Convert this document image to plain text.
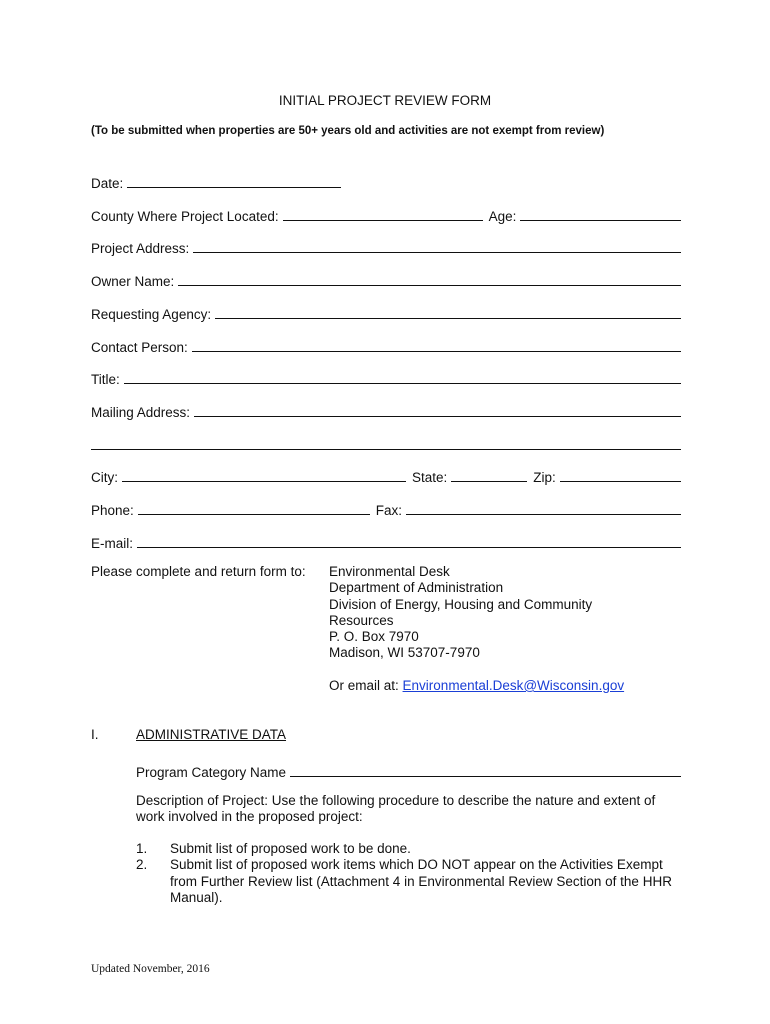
INITIAL PROJECT REVIEW FORM
(To be submitted when properties are 50+ years old and activities are not exempt from review)
Date:
County Where Project Located:	Age:
Project Address:
Owner Name:
Requesting Agency:
Contact Person:
Title:
Mailing Address:
City:	State:	Zip:
Phone:	Fax:
E-mail:
Please complete and return form to: Environmental Desk
Department of Administration
Division of Energy, Housing and Community
Resources
P. O. Box 7970
Madison, WI 53707-7970
Or email at: Environmental.Desk@Wisconsin.gov
I.	ADMINISTRATIVE DATA
Program Category Name
Description of Project: Use the following procedure to describe the nature and extent of work involved in the proposed project:
1.	Submit list of proposed work to be done.
2.	Submit list of proposed work items which DO NOT appear on the Activities Exempt from Further Review list (Attachment 4 in Environmental Review Section of the HHR Manual).
Updated November, 2016
